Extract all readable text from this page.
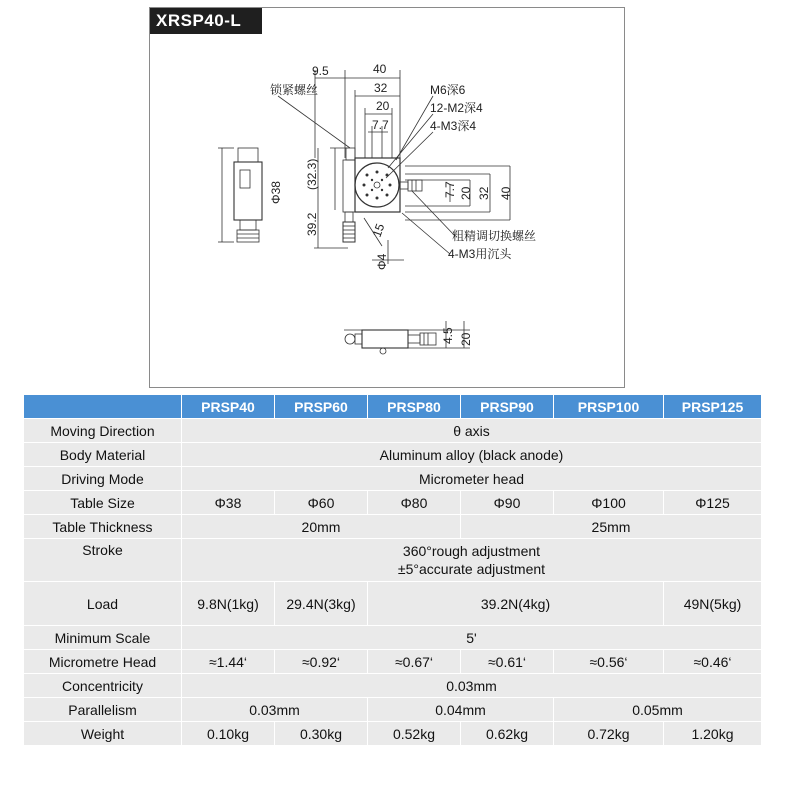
XRSP40-L
9.5	40
32
20
7.7
锁紧螺丝	M6深6
12-M2深4
4-M3深4
粗精调切换螺丝
4-M3用沉头
(32.3)
39.2
Φ38	7.7 20 32 40
15
Φ4
4.5 20
	PRSP40	PRSP60	PRSP80	PRSP90	PRSP100	PRSP125
Moving Direction	θ axis					
Body Material	Aluminum alloy (black anode)					
Driving Mode	Micrometer head					
Table Size	Φ38	Φ60	Φ80	Φ90	Φ100	Φ125
Table Thickness	20mm			25mm		
Stroke	360°rough adjustment
±5°accurate adjustment					

Load	9.8N(1kg)	29.4N(3kg)	39.2N(4kg)			49N(5kg)
Minimum Scale	5'					
Micrometre Head	≈1.44‘	≈0.92‘	≈0.67‘	≈0.61‘	≈0.56‘	≈0.46‘
Concentricity	0.03mm					
Parallelism	0.03mm		0.04mm		0.05mm	
Weight	0.10kg	0.30kg	0.52kg	0.62kg	0.72kg	1.20kg
